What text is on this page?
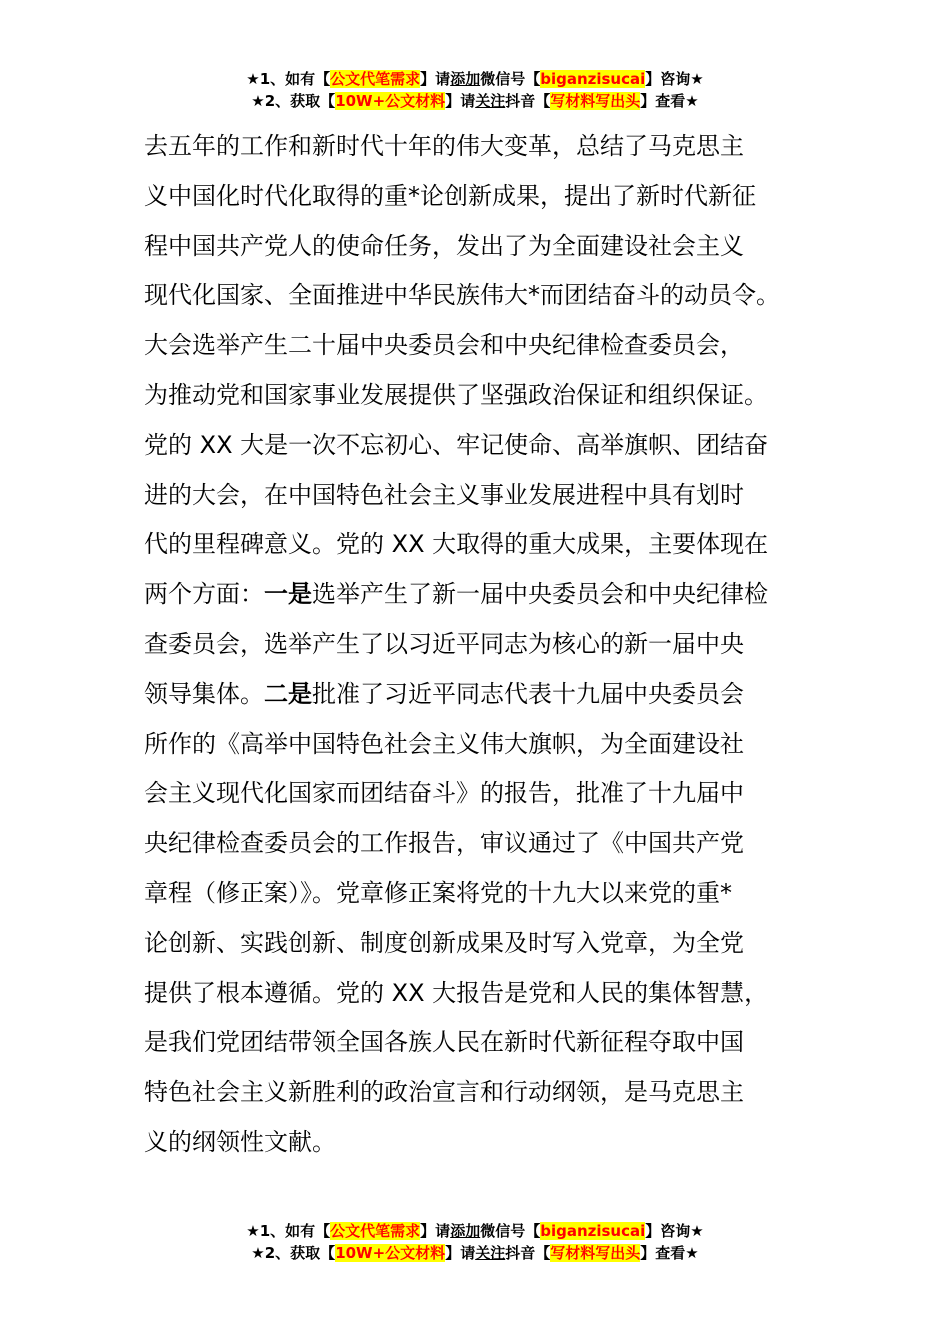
★1、如有【公文代笔需求】请添加微信号【biganzisucai】咨询★
★2、获取【10W+公文材料】请关注抖音【写材料写出头】查看★
去五年的工作和新时代十年的伟大变革，总结了马克思主
义中国化时代化取得的重*论创新成果，提出了新时代新征
程中国共产党人的使命任务，发出了为全面建设社会主义
现代化国家、全面推进中华民族伟大*而团结奋斗的动员令。
大会选举产生二十届中央委员会和中央纪律检查委员会，
为推动党和国家事业发展提供了坚强政治保证和组织保证。
党的 XX 大是一次不忘初心、牢记使命、高举旗帜、团结奋
进的大会，在中国特色社会主义事业发展进程中具有划时
代的里程碑意义。党的 XX 大取得的重大成果，主要体现在
两个方面：一是选举产生了新一届中央委员会和中央纪律检
查委员会，选举产生了以习近平同志为核心的新一届中央
领导集体。二是批准了习近平同志代表十九届中央委员会
所作的《高举中国特色社会主义伟大旗帜，为全面建设社
会主义现代化国家而团结奋斗》的报告，批准了十九届中
央纪律检查委员会的工作报告，审议通过了《中国共产党
章程（修正案）》。党章修正案将党的十九大以来党的重*
论创新、实践创新、制度创新成果及时写入党章，为全党
提供了根本遵循。党的 XX 大报告是党和人民的集体智慧，
是我们党团结带领全国各族人民在新时代新征程夺取中国
特色社会主义新胜利的政治宣言和行动纲领，是马克思主
义的纲领性文献。
★1、如有【公文代笔需求】请添加微信号【biganzisucai】咨询★
★2、获取【10W+公文材料】请关注抖音【写材料写出头】查看★
